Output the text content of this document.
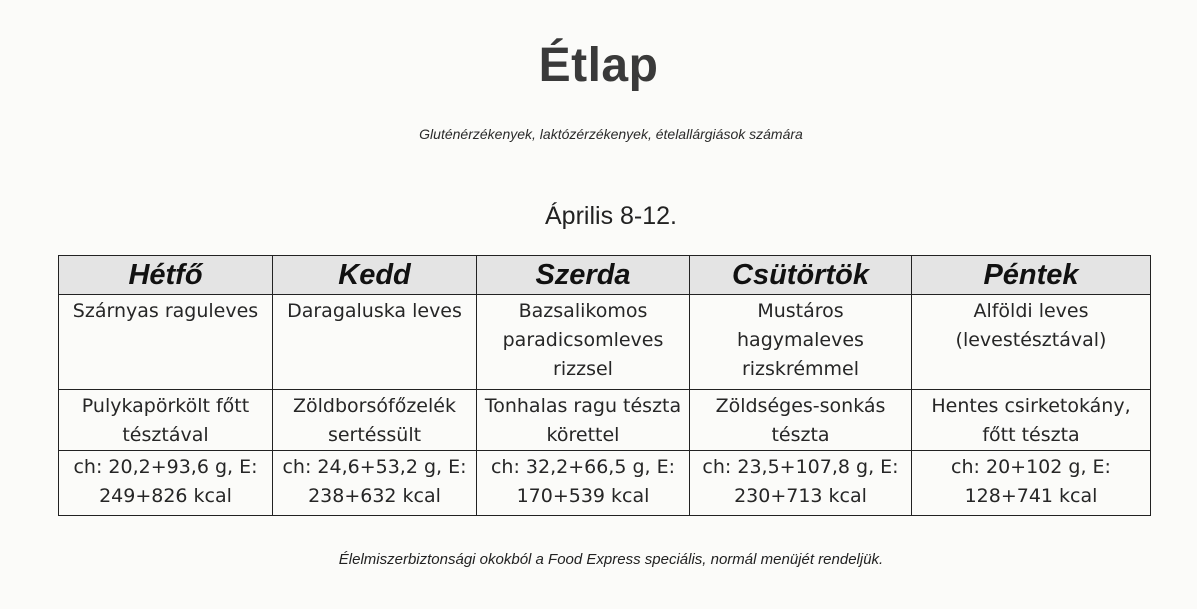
Étlap
Gluténérzékenyek, laktózérzékenyek, ételallárgiások számára
Április 8-12.
Hétfő	Kedd	Szerda	Csütörtök	Péntek
Szárnyas raguleves	Daragaluska leves	Bazsalikomos paradicsomleves rizzsel	Mustáros hagymaleves rizskrémmel	Alföldi leves (levestésztával)
Pulykapörkölt főtt tésztával	Zöldborsófőzelék sertéssült	Tonhalas ragu tészta körettel	Zöldséges-sonkás tészta	Hentes csirketokány, főtt tészta
ch: 20,2+93,6 g, E: 249+826 kcal	ch: 24,6+53,2 g, E: 238+632 kcal	ch: 32,2+66,5 g, E: 170+539 kcal	ch: 23,5+107,8 g, E: 230+713 kcal	ch: 20+102 g, E: 128+741 kcal
Élelmiszerbiztonsági okokból a Food Express speciális, normál menüjét rendeljük.
